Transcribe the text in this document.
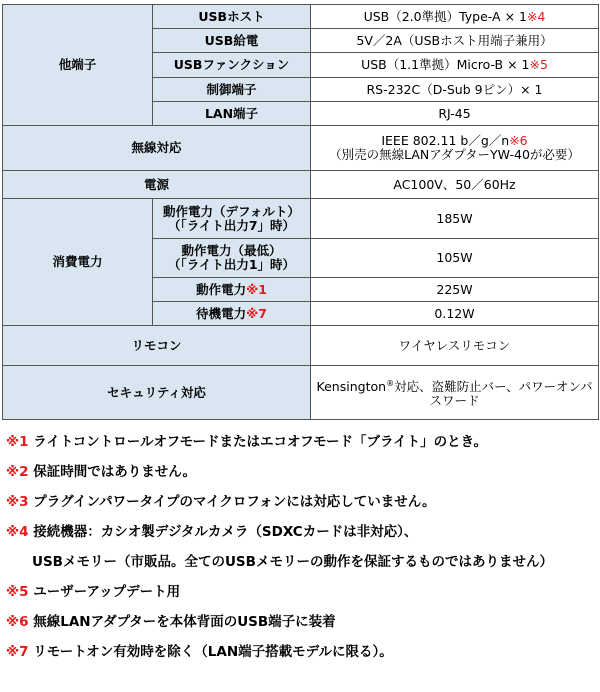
他端子	USBホスト	USB（2.0準拠）Type-A × 1※4
	USB給電	5V／2A（USBホスト用端子兼用）
	USBファンクション	USB（1.1準拠）Micro-B × 1※5
	制御端子	RS-232C（D-Sub 9ピン）× 1
	LAN端子	RJ-45
無線対応		IEEE 802.11 b／g／n※6
（別売の無線LANアダプターYW-40が必要）
電源		AC100V、50／60Hz
消費電力	動作電力（デフォルト）
（「ライト出力7」時）	185W
	動作電力（最低）
（「ライト出力1」時）	105W
	動作電力※1	225W
	待機電力※7	0.12W
リモコン		ワイヤレスリモコン
セキュリティ対応		Kensington®対応、盗難防止バー、パワーオンパスワード
※1 ライトコントロールオフモードまたはエコオフモード「ブライト」のとき。
※2 保証時間ではありません。
※3 プラグインパワータイプのマイクロフォンには対応していません。
※4 接続機器：カシオ製デジタルカメラ（SDXCカードは非対応）、
USBメモリー（市販品。全てのUSBメモリーの動作を保証するものではありません）
※5 ユーザーアップデート用
※6 無線LANアダプターを本体背面のUSB端子に装着
※7 リモートオン有効時を除く（LAN端子搭載モデルに限る）。
